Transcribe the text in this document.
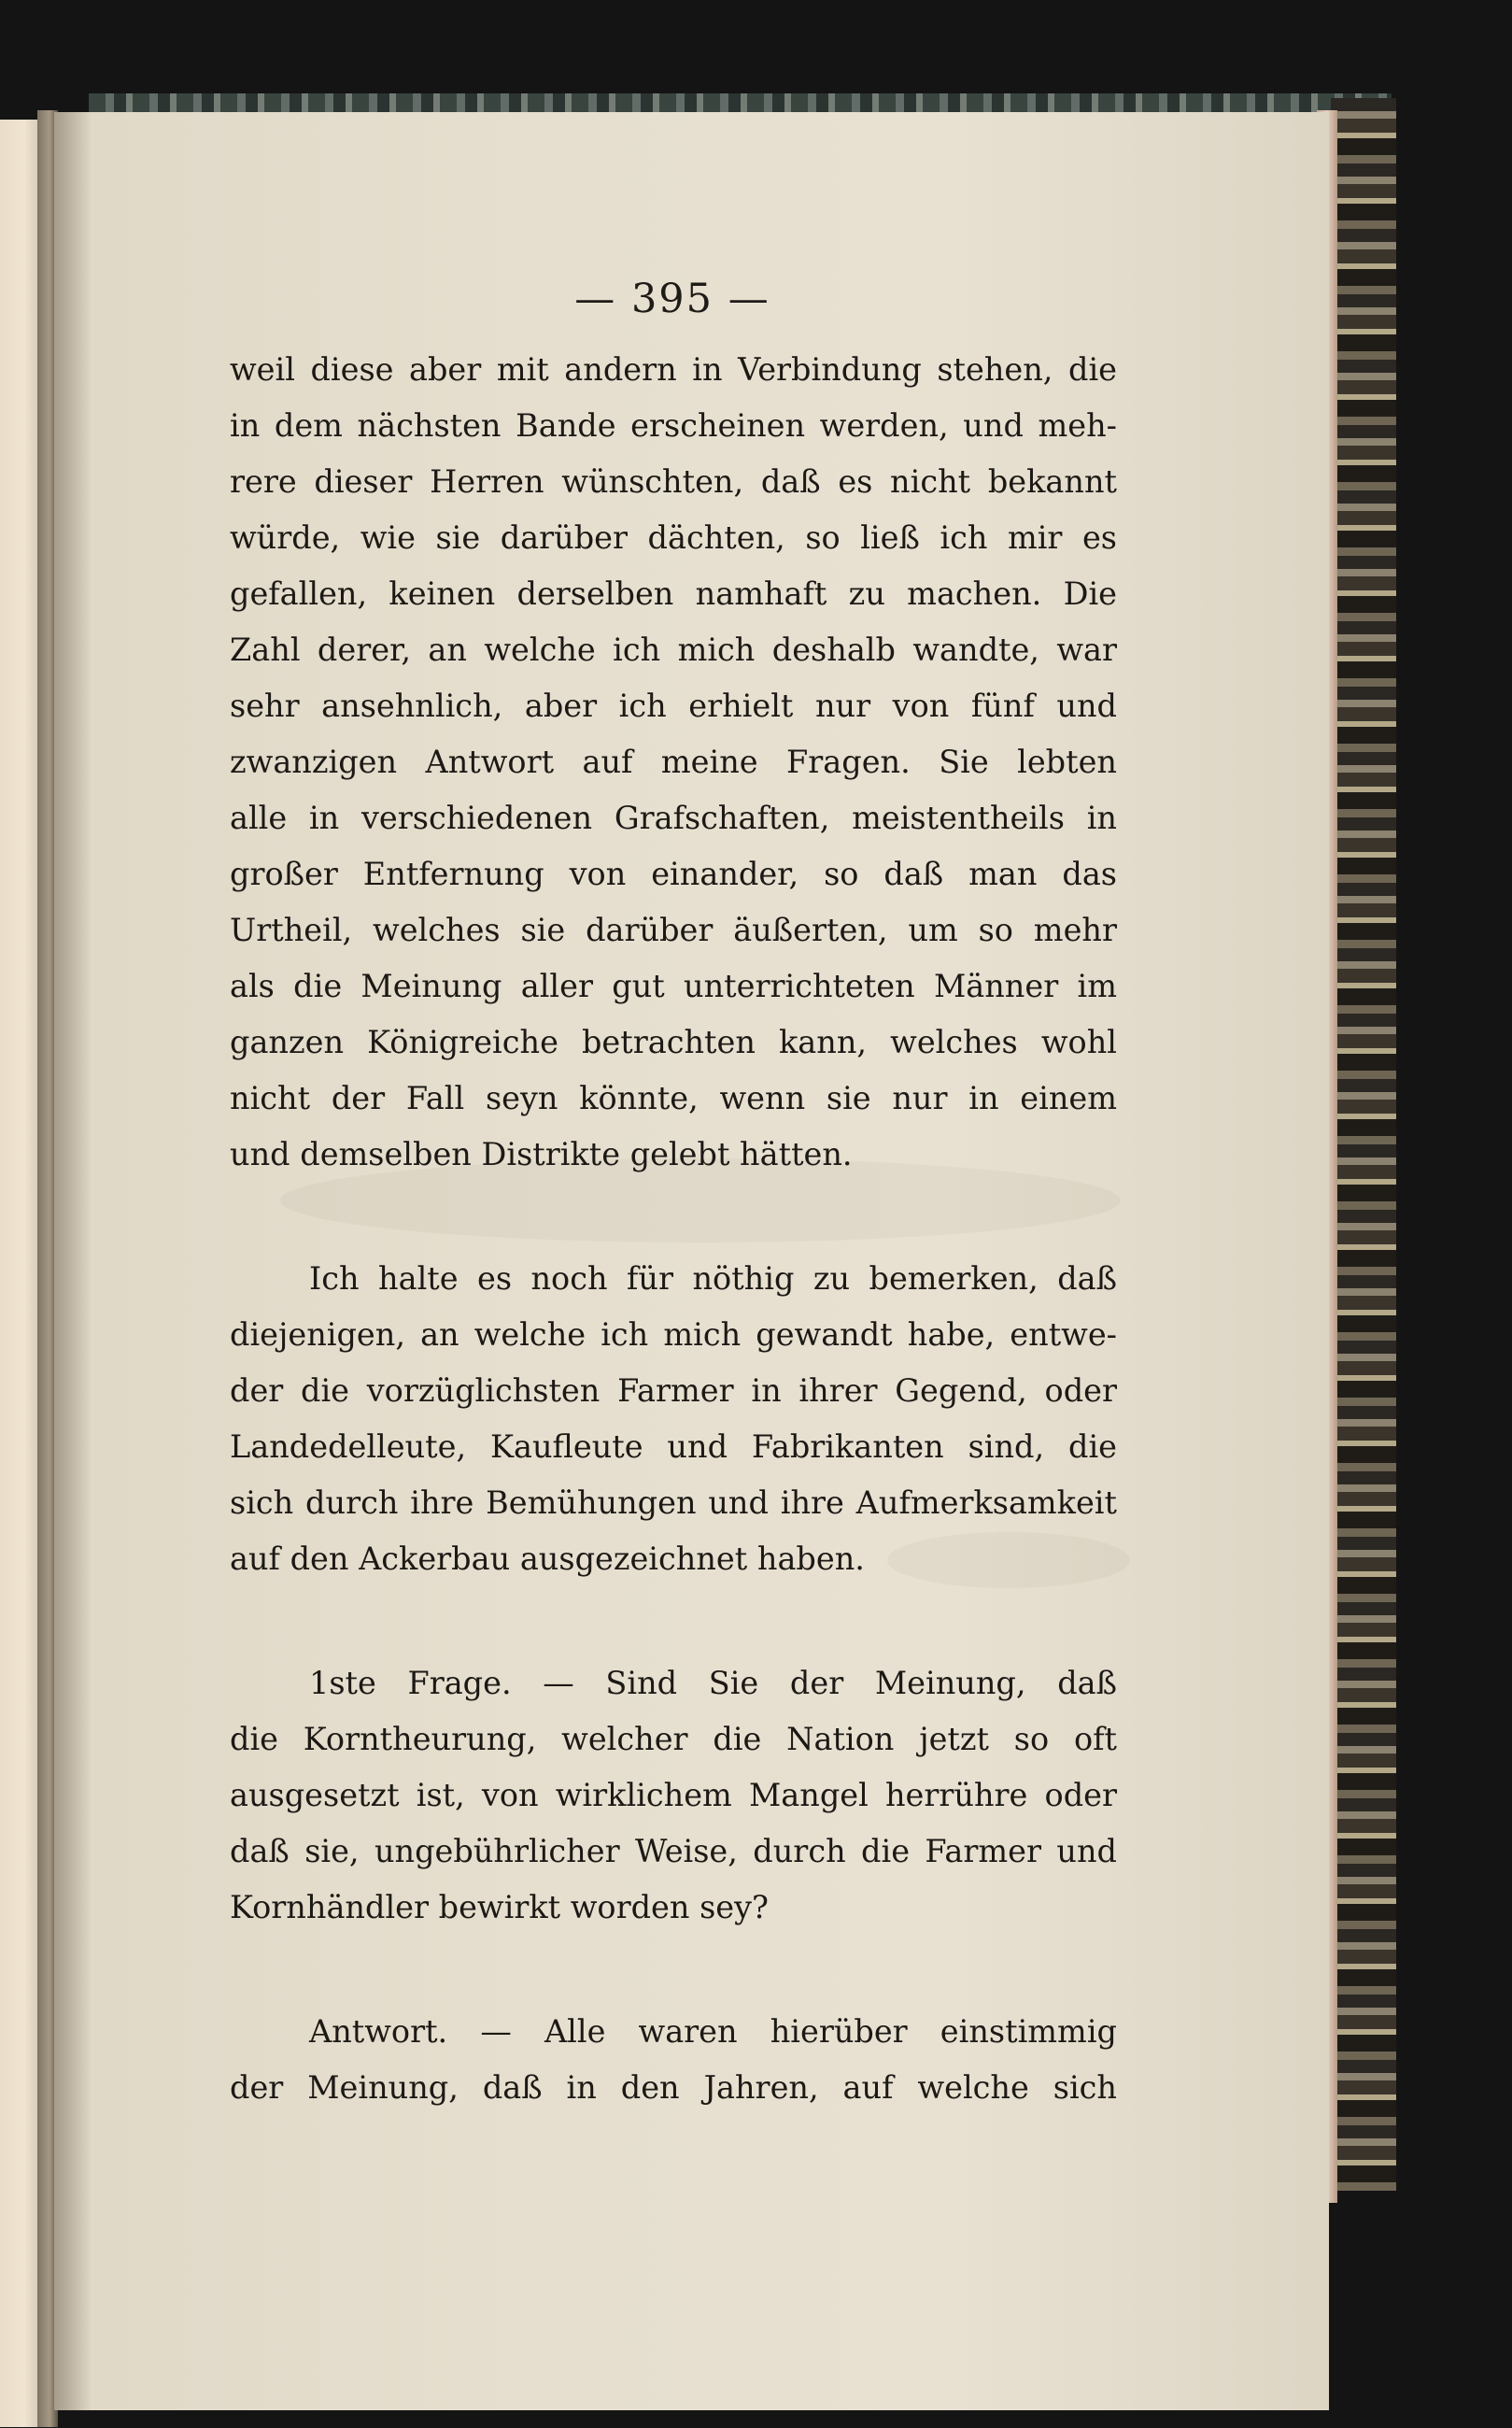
— 395 —
weil diese aber mit andern in Verbindung stehen, die
in dem nächsten Bande erscheinen werden, und meh-
rere dieser Herren wünschten, daß es nicht bekannt
würde, wie sie darüber dächten, so ließ ich mir es
gefallen, keinen derselben namhaft zu machen. Die
Zahl derer, an welche ich mich deshalb wandte, war
sehr ansehnlich, aber ich erhielt nur von fünf und
zwanzigen Antwort auf meine Fragen. Sie lebten
alle in verschiedenen Grafschaften, meistentheils in
großer Entfernung von einander, so daß man das
Urtheil, welches sie darüber äußerten, um so mehr
als die Meinung aller gut unterrichteten Männer im
ganzen Königreiche betrachten kann, welches wohl
nicht der Fall seyn könnte, wenn sie nur in einem
und demselben Distrikte gelebt hätten.
Ich halte es noch für nöthig zu bemerken, daß
diejenigen, an welche ich mich gewandt habe, entwe-
der die vorzüglichsten Farmer in ihrer Gegend, oder
Landedelleute, Kaufleute und Fabrikanten sind, die
sich durch ihre Bemühungen und ihre Aufmerksamkeit
auf den Ackerbau ausgezeichnet haben.
1ste Frage. — Sind Sie der Meinung, daß
die Korntheurung, welcher die Nation jetzt so oft
ausgesetzt ist, von wirklichem Mangel herrühre oder
daß sie, ungebührlicher Weise, durch die Farmer und
Kornhändler bewirkt worden sey?
Antwort. — Alle waren hierüber einstimmig
der Meinung, daß in den Jahren, auf welche sich
